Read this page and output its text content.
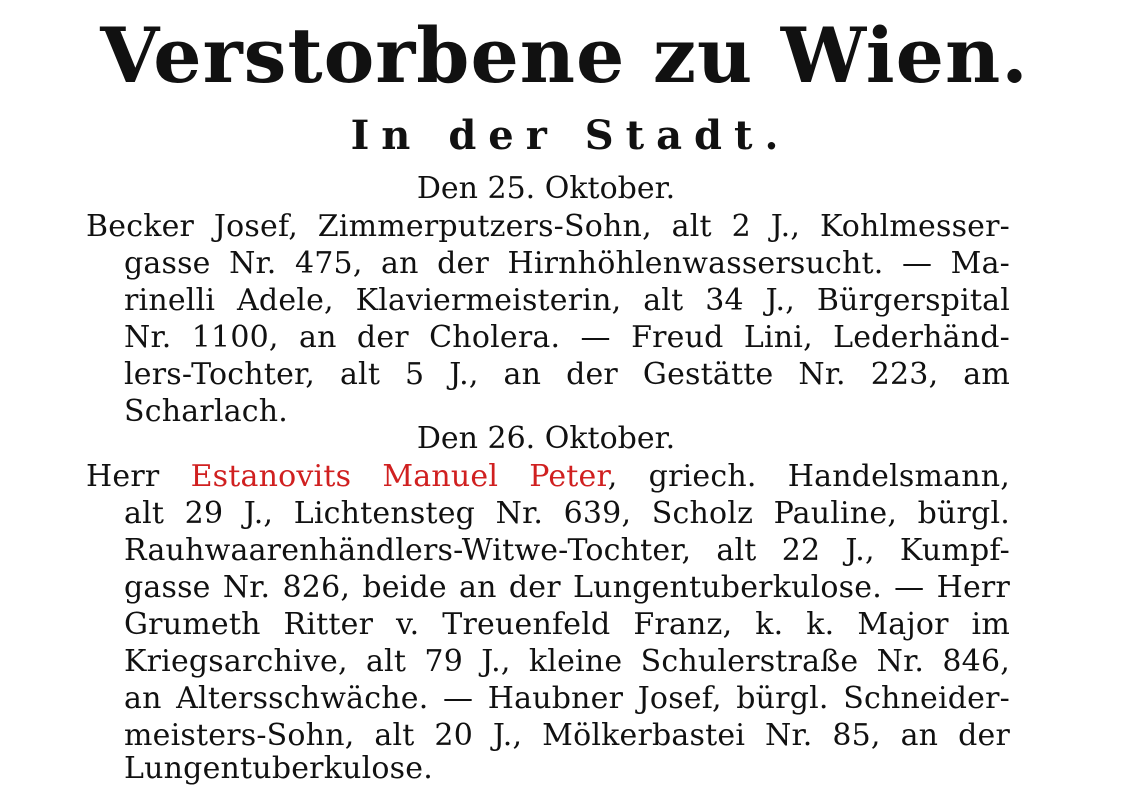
Verstorbene zu Wien.
In der Stadt.
Den 25. Oktober.
Becker Josef, Zimmerputzers-Sohn, alt 2 J., Kohlmesser-
gasse Nr. 475, an der Hirnhöhlenwassersucht. — Ma-
rinelli Adele, Klaviermeisterin, alt 34 J., Bürgerspital
Nr. 1100, an der Cholera. — Freud Lini, Lederhänd-
lers-Tochter, alt 5 J., an der Gestätte Nr. 223, am
Scharlach.
Den 26. Oktober.
Herr Estanovits Manuel Peter, griech. Handelsmann,
alt 29 J., Lichtensteg Nr. 639, Scholz Pauline, bürgl.
Rauhwaarenhändlers-Witwe-Tochter, alt 22 J., Kumpf-
gasse Nr. 826, beide an der Lungentuberkulose. — Herr
Grumeth Ritter v. Treuenfeld Franz, k. k. Major im
Kriegsarchive, alt 79 J., kleine Schulerstraße Nr. 846,
an Altersschwäche. — Haubner Josef, bürgl. Schneider-
meisters-Sohn, alt 20 J., Mölkerbastei Nr. 85, an der
Lungentuberkulose.
